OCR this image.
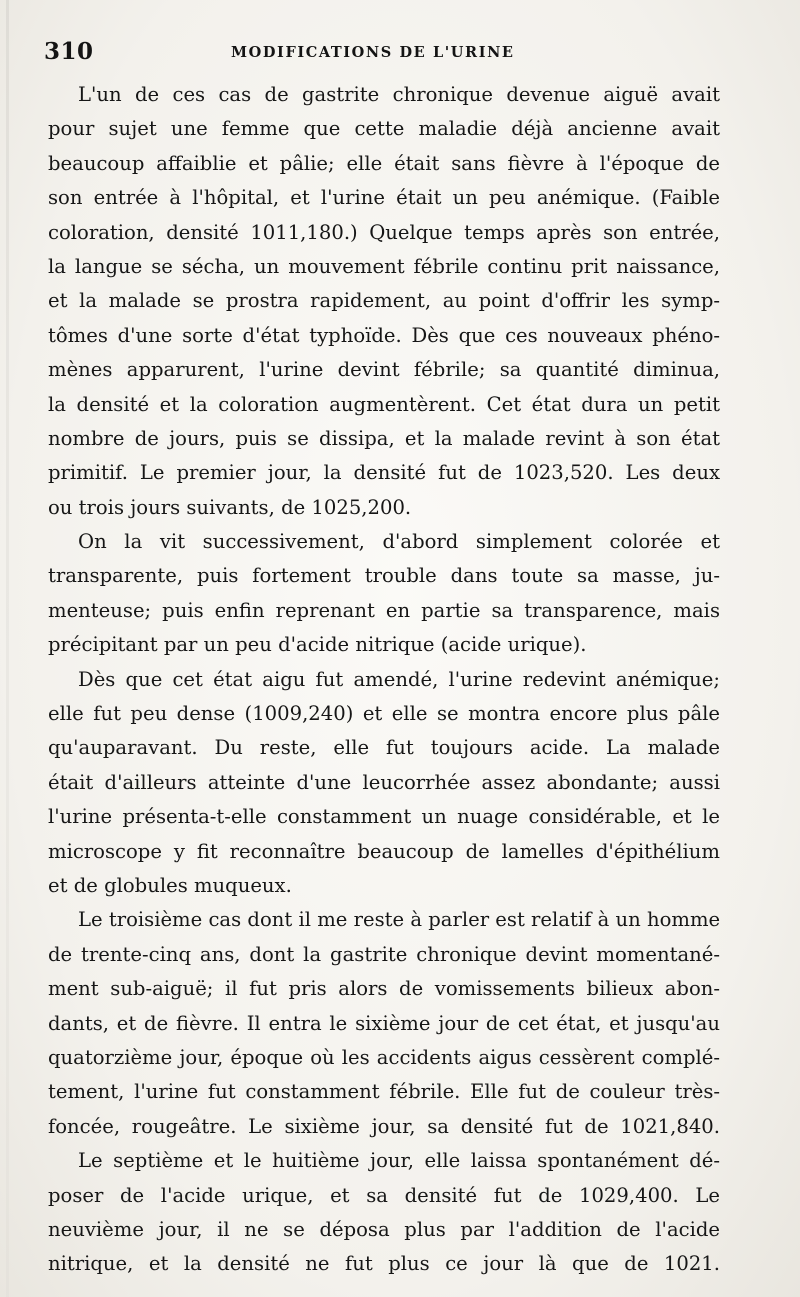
310	MODIFICATIONS DE L'URINE
L'un de ces cas de gastrite chronique devenue aiguë avait
pour sujet une femme que cette maladie déjà ancienne avait
beaucoup affaiblie et pâlie; elle était sans fièvre à l'époque de
son entrée à l'hôpital, et l'urine était un peu anémique. (Faible
coloration, densité 1011,180.) Quelque temps après son entrée,
la langue se sécha, un mouvement fébrile continu prit naissance,
et la malade se prostra rapidement, au point d'offrir les symp-
tômes d'une sorte d'état typhoïde. Dès que ces nouveaux phéno-
mènes apparurent, l'urine devint fébrile; sa quantité diminua,
la densité et la coloration augmentèrent. Cet état dura un petit
nombre de jours, puis se dissipa, et la malade revint à son état
primitif. Le premier jour, la densité fut de 1023,520. Les deux
ou trois jours suivants, de 1025,200.
On la vit successivement, d'abord simplement colorée et
transparente, puis fortement trouble dans toute sa masse, ju-
menteuse; puis enfin reprenant en partie sa transparence, mais
précipitant par un peu d'acide nitrique (acide urique).
Dès que cet état aigu fut amendé, l'urine redevint anémique;
elle fut peu dense (1009,240) et elle se montra encore plus pâle
qu'auparavant. Du reste, elle fut toujours acide. La malade
était d'ailleurs atteinte d'une leucorrhée assez abondante; aussi
l'urine présenta-t-elle constamment un nuage considérable, et le
microscope y fit reconnaître beaucoup de lamelles d'épithélium
et de globules muqueux.
Le troisième cas dont il me reste à parler est relatif à un homme
de trente-cinq ans, dont la gastrite chronique devint momentané-
ment sub-aiguë; il fut pris alors de vomissements bilieux abon-
dants, et de fièvre. Il entra le sixième jour de cet état, et jusqu'au
quatorzième jour, époque où les accidents aigus cessèrent complé-
tement, l'urine fut constamment fébrile. Elle fut de couleur très-
foncée, rougeâtre. Le sixième jour, sa densité fut de 1021,840.
Le septième et le huitième jour, elle laissa spontanément dé-
poser de l'acide urique, et sa densité fut de 1029,400. Le
neuvième jour, il ne se déposa plus par l'addition de l'acide
nitrique, et la densité ne fut plus ce jour là que de 1021.
